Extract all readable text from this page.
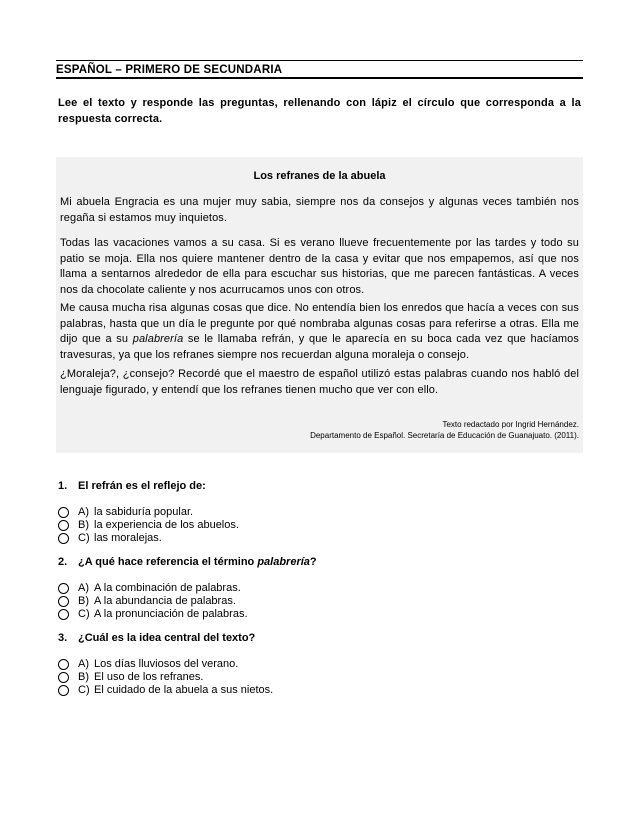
ESPAÑOL – PRIMERO DE SECUNDARIA
Lee el texto y responde las preguntas, rellenando con lápiz el círculo que corresponda a la respuesta correcta.
Los refranes de la abuela
Mi abuela Engracia es una mujer muy sabia, siempre nos da consejos y algunas veces también nos regaña si estamos muy inquietos.
Todas las vacaciones vamos a su casa. Si es verano llueve frecuentemente por las tardes y todo su patio se moja. Ella nos quiere mantener dentro de la casa y evitar que nos empapemos, así que nos llama a sentarnos alrededor de ella para escuchar sus historias, que me parecen fantásticas. A veces nos da chocolate caliente y nos acurrucamos unos con otros.
Me causa mucha risa algunas cosas que dice. No entendía bien los enredos que hacía a veces con sus palabras, hasta que un día le pregunte por qué nombraba algunas cosas para referirse a otras. Ella me dijo que a su palabrería se le llamaba refrán, y que le aparecía en su boca cada vez que hacíamos travesuras, ya que los refranes siempre nos recuerdan alguna moraleja o consejo.
¿Moraleja?, ¿consejo? Recordé que el maestro de español utilizó estas palabras cuando nos habló del lenguaje figurado, y entendí que los refranes tienen mucho que ver con ello.
Texto redactado por Ingrid Hernández.
Departamento de Español. Secretaría de Educación de Guanajuato. (2011).
1. El refrán es el reflejo de:
A) la sabiduría popular.
B) la experiencia de los abuelos.
C) las moralejas.
2. ¿A qué hace referencia el término palabrería?
A) A la combinación de palabras.
B) A la abundancia de palabras.
C) A la pronunciación de palabras.
3. ¿Cuál es la idea central del texto?
A) Los días lluviosos del verano.
B) El uso de los refranes.
C) El cuidado de la abuela a sus nietos.
